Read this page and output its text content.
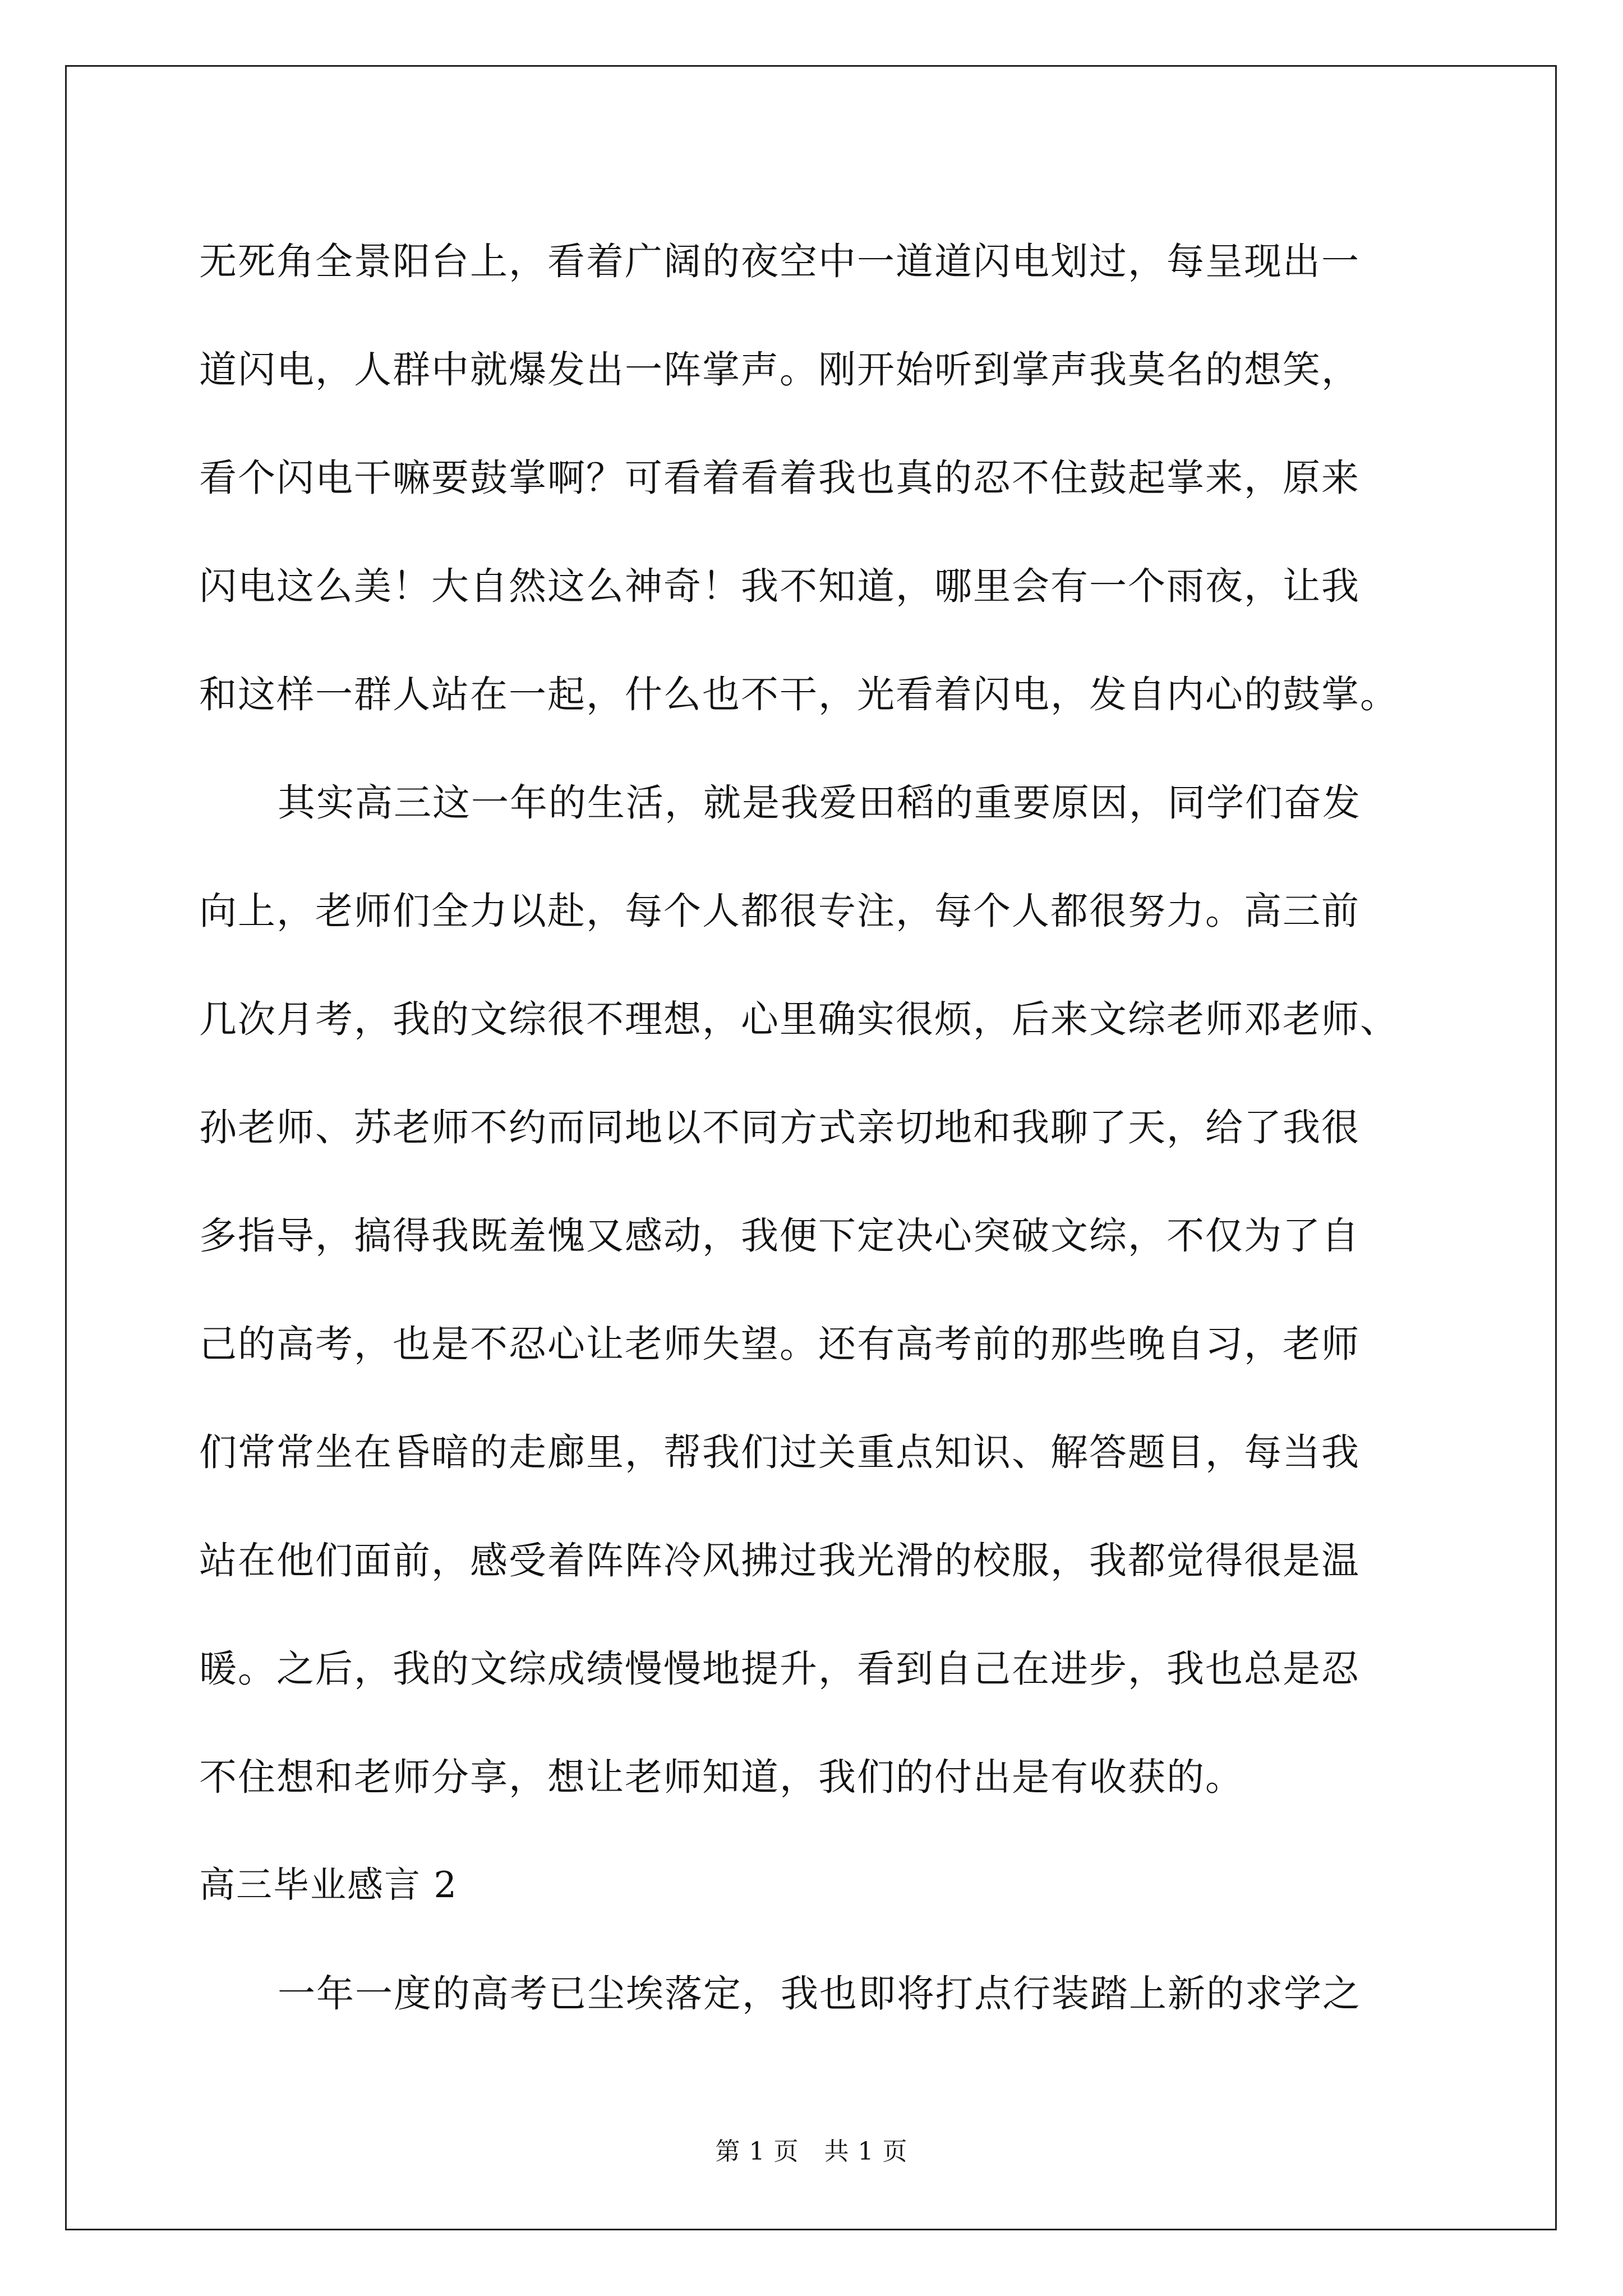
无死角全景阳台上，看着广阔的夜空中一道道闪电划过，每呈现出一
道闪电，人群中就爆发出一阵掌声。刚开始听到掌声我莫名的想笑，
看个闪电干嘛要鼓掌啊？可看着看着我也真的忍不住鼓起掌来，原来
闪电这么美！大自然这么神奇！我不知道，哪里会有一个雨夜，让我
和这样一群人站在一起，什么也不干，光看着闪电，发自内心的鼓掌。
其实高三这一年的生活，就是我爱田稻的重要原因，同学们奋发
向上，老师们全力以赴，每个人都很专注，每个人都很努力。高三前
几次月考，我的文综很不理想，心里确实很烦，后来文综老师邓老师、
孙老师、苏老师不约而同地以不同方式亲切地和我聊了天，给了我很
多指导，搞得我既羞愧又感动，我便下定决心突破文综，不仅为了自
己的高考，也是不忍心让老师失望。还有高考前的那些晚自习，老师
们常常坐在昏暗的走廊里，帮我们过关重点知识、解答题目，每当我
站在他们面前，感受着阵阵冷风拂过我光滑的校服，我都觉得很是温
暖。之后，我的文综成绩慢慢地提升，看到自己在进步，我也总是忍
不住想和老师分享，想让老师知道，我们的付出是有收获的。
高三毕业感言 2
一年一度的高考已尘埃落定，我也即将打点行装踏上新的求学之
第 1 页　共 1 页
